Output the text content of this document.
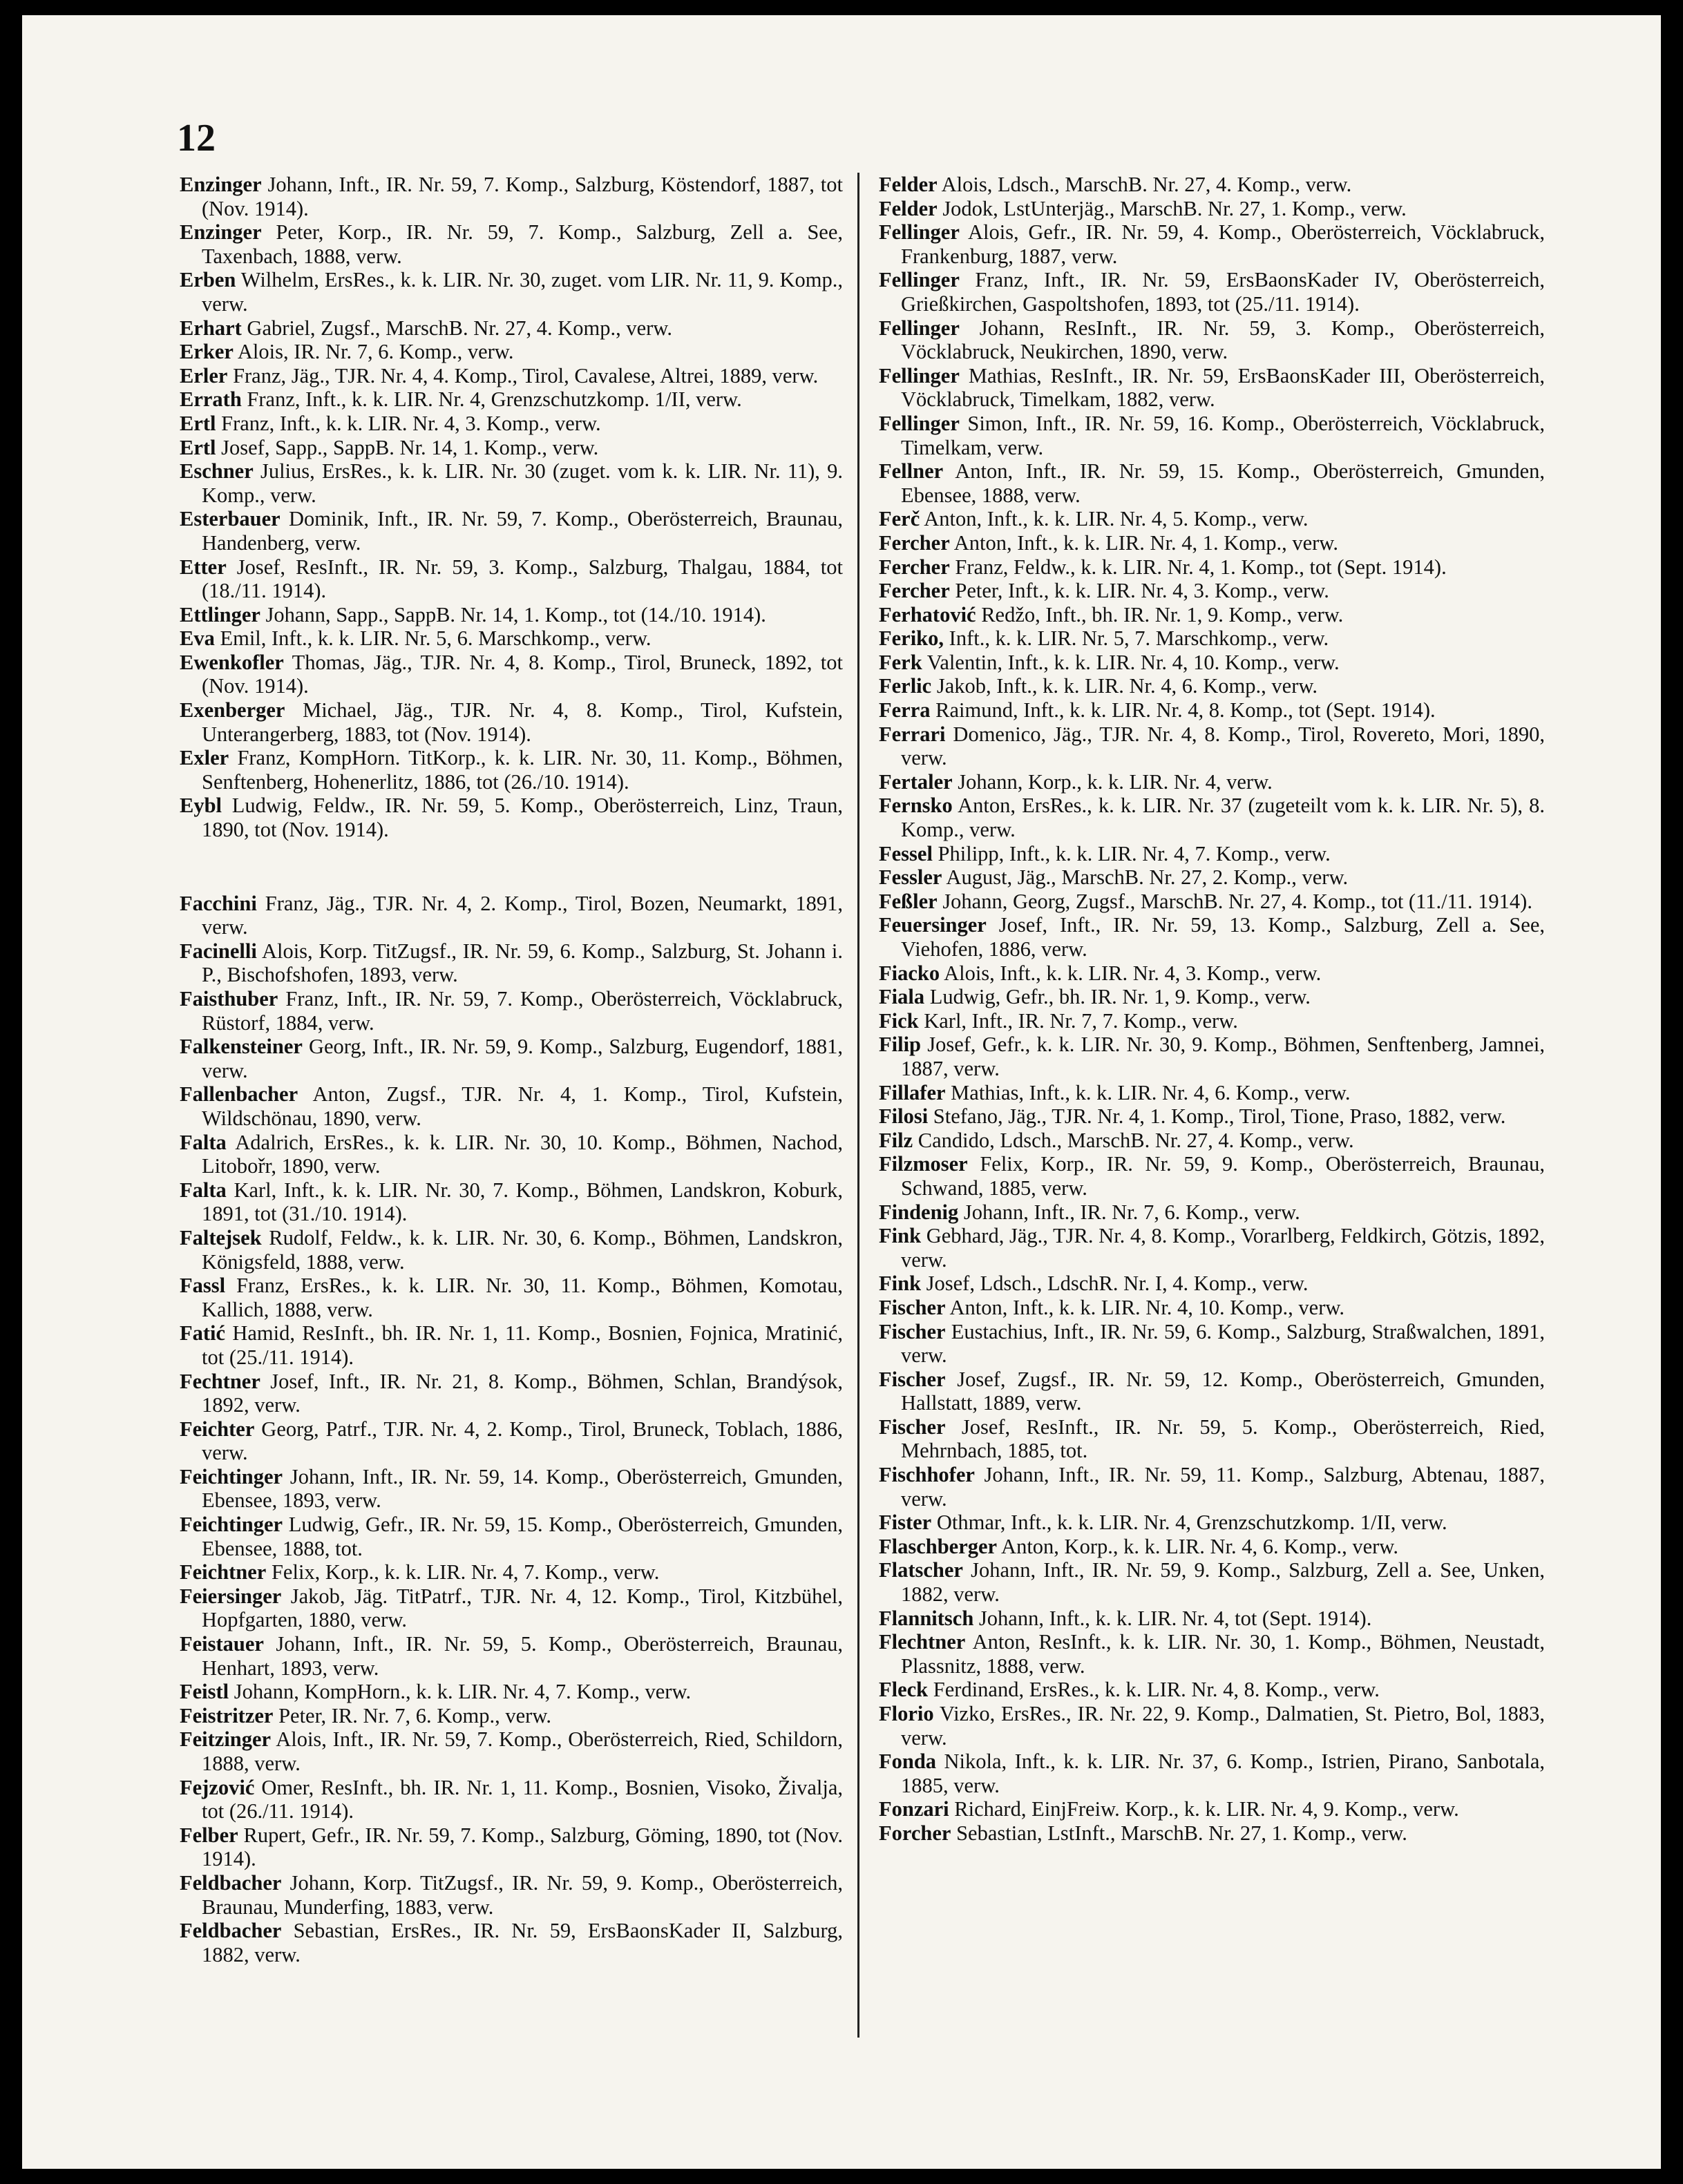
12
Enzinger Johann, Inft., IR. Nr. 59, 7. Komp., Salzburg, Köstendorf, 1887, tot (Nov. 1914).
Enzinger Peter, Korp., IR. Nr. 59, 7. Komp., Salzburg, Zell a. See, Taxenbach, 1888, verw.
Erben Wilhelm, ErsRes., k. k. LIR. Nr. 30, zuget. vom LIR. Nr. 11, 9. Komp., verw.
Erhart Gabriel, Zugsf., MarschB. Nr. 27, 4. Komp., verw.
Erker Alois, IR. Nr. 7, 6. Komp., verw.
Erler Franz, Jäg., TJR. Nr. 4, 4. Komp., Tirol, Cavalese, Altrei, 1889, verw.
Errath Franz, Inft., k. k. LIR. Nr. 4, Grenzschutzkomp. 1/II, verw.
Ertl Franz, Inft., k. k. LIR. Nr. 4, 3. Komp., verw.
Ertl Josef, Sapp., SappB. Nr. 14, 1. Komp., verw.
Eschner Julius, ErsRes., k. k. LIR. Nr. 30 (zuget. vom k. k. LIR. Nr. 11), 9. Komp., verw.
Esterbauer Dominik, Inft., IR. Nr. 59, 7. Komp., Oberösterreich, Braunau, Handenberg, verw.
Etter Josef, ResInft., IR. Nr. 59, 3. Komp., Salzburg, Thalgau, 1884, tot (18./11. 1914).
Ettlinger Johann, Sapp., SappB. Nr. 14, 1. Komp., tot (14./10. 1914).
Eva Emil, Inft., k. k. LIR. Nr. 5, 6. Marschkomp., verw.
Ewenkofler Thomas, Jäg., TJR. Nr. 4, 8. Komp., Tirol, Bruneck, 1892, tot (Nov. 1914).
Exenberger Michael, Jäg., TJR. Nr. 4, 8. Komp., Tirol, Kufstein, Unterangerberg, 1883, tot (Nov. 1914).
Exler Franz, KompHorn. TitKorp., k. k. LIR. Nr. 30, 11. Komp., Böhmen, Senftenberg, Hohenerlitz, 1886, tot (26./10. 1914).
Eybl Ludwig, Feldw., IR. Nr. 59, 5. Komp., Oberösterreich, Linz, Traun, 1890, tot (Nov. 1914).
Facchini Franz, Jäg., TJR. Nr. 4, 2. Komp., Tirol, Bozen, Neumarkt, 1891, verw.
Facinelli Alois, Korp. TitZugsf., IR. Nr. 59, 6. Komp., Salzburg, St. Johann i. P., Bischofshofen, 1893, verw.
Faisthuber Franz, Inft., IR. Nr. 59, 7. Komp., Oberösterreich, Vöcklabruck, Rüstorf, 1884, verw.
Falkensteiner Georg, Inft., IR. Nr. 59, 9. Komp., Salzburg, Eugendorf, 1881, verw.
Fallenbacher Anton, Zugsf., TJR. Nr. 4, 1. Komp., Tirol, Kufstein, Wildschönau, 1890, verw.
Falta Adalrich, ErsRes., k. k. LIR. Nr. 30, 10. Komp., Böhmen, Nachod, Litobořr, 1890, verw.
Falta Karl, Inft., k. k. LIR. Nr. 30, 7. Komp., Böhmen, Landskron, Koburk, 1891, tot (31./10. 1914).
Faltejsek Rudolf, Feldw., k. k. LIR. Nr. 30, 6. Komp., Böhmen, Landskron, Königsfeld, 1888, verw.
Fassl Franz, ErsRes., k. k. LIR. Nr. 30, 11. Komp., Böhmen, Komotau, Kallich, 1888, verw.
Fatić Hamid, ResInft., bh. IR. Nr. 1, 11. Komp., Bosnien, Fojnica, Mratinić, tot (25./11. 1914).
Fechtner Josef, Inft., IR. Nr. 21, 8. Komp., Böhmen, Schlan, Brandýsok, 1892, verw.
Feichter Georg, Patrf., TJR. Nr. 4, 2. Komp., Tirol, Bruneck, Toblach, 1886, verw.
Feichtinger Johann, Inft., IR. Nr. 59, 14. Komp., Oberösterreich, Gmunden, Ebensee, 1893, verw.
Feichtinger Ludwig, Gefr., IR. Nr. 59, 15. Komp., Oberösterreich, Gmunden, Ebensee, 1888, tot.
Feichtner Felix, Korp., k. k. LIR. Nr. 4, 7. Komp., verw.
Feiersinger Jakob, Jäg. TitPatrf., TJR. Nr. 4, 12. Komp., Tirol, Kitzbühel, Hopfgarten, 1880, verw.
Feistauer Johann, Inft., IR. Nr. 59, 5. Komp., Oberösterreich, Braunau, Henhart, 1893, verw.
Feistl Johann, KompHorn., k. k. LIR. Nr. 4, 7. Komp., verw.
Feistritzer Peter, IR. Nr. 7, 6. Komp., verw.
Feitzinger Alois, Inft., IR. Nr. 59, 7. Komp., Oberösterreich, Ried, Schildorn, 1888, verw.
Fejzović Omer, ResInft., bh. IR. Nr. 1, 11. Komp., Bosnien, Visoko, Živalja, tot (26./11. 1914).
Felber Rupert, Gefr., IR. Nr. 59, 7. Komp., Salzburg, Göming, 1890, tot (Nov. 1914).
Feldbacher Johann, Korp. TitZugsf., IR. Nr. 59, 9. Komp., Oberösterreich, Braunau, Munderfing, 1883, verw.
Feldbacher Sebastian, ErsRes., IR. Nr. 59, ErsBaonsKader II, Salzburg, 1882, verw.
Felder Alois, Ldsch., MarschB. Nr. 27, 4. Komp., verw.
Felder Jodok, LstUnterjäg., MarschB. Nr. 27, 1. Komp., verw.
Fellinger Alois, Gefr., IR. Nr. 59, 4. Komp., Oberösterreich, Vöcklabruck, Frankenburg, 1887, verw.
Fellinger Franz, Inft., IR. Nr. 59, ErsBaonsKader IV, Oberösterreich, Grießkirchen, Gaspoltshofen, 1893, tot (25./11. 1914).
Fellinger Johann, ResInft., IR. Nr. 59, 3. Komp., Oberösterreich, Vöcklabruck, Neukirchen, 1890, verw.
Fellinger Mathias, ResInft., IR. Nr. 59, ErsBaonsKader III, Oberösterreich, Vöcklabruck, Timelkam, 1882, verw.
Fellinger Simon, Inft., IR. Nr. 59, 16. Komp., Oberösterreich, Vöcklabruck, Timelkam, verw.
Fellner Anton, Inft., IR. Nr. 59, 15. Komp., Oberösterreich, Gmunden, Ebensee, 1888, verw.
Ferč Anton, Inft., k. k. LIR. Nr. 4, 5. Komp., verw.
Fercher Anton, Inft., k. k. LIR. Nr. 4, 1. Komp., verw.
Fercher Franz, Feldw., k. k. LIR. Nr. 4, 1. Komp., tot (Sept. 1914).
Fercher Peter, Inft., k. k. LIR. Nr. 4, 3. Komp., verw.
Ferhatović Redžo, Inft., bh. IR. Nr. 1, 9. Komp., verw.
Feriko, Inft., k. k. LIR. Nr. 5, 7. Marschkomp., verw.
Ferk Valentin, Inft., k. k. LIR. Nr. 4, 10. Komp., verw.
Ferlic Jakob, Inft., k. k. LIR. Nr. 4, 6. Komp., verw.
Ferra Raimund, Inft., k. k. LIR. Nr. 4, 8. Komp., tot (Sept. 1914).
Ferrari Domenico, Jäg., TJR. Nr. 4, 8. Komp., Tirol, Rovereto, Mori, 1890, verw.
Fertaler Johann, Korp., k. k. LIR. Nr. 4, verw.
Fernsko Anton, ErsRes., k. k. LIR. Nr. 37 (zugeteilt vom k. k. LIR. Nr. 5), 8. Komp., verw.
Fessel Philipp, Inft., k. k. LIR. Nr. 4, 7. Komp., verw.
Fessler August, Jäg., MarschB. Nr. 27, 2. Komp., verw.
Feßler Johann, Georg, Zugsf., MarschB. Nr. 27, 4. Komp., tot (11./11. 1914).
Feuersinger Josef, Inft., IR. Nr. 59, 13. Komp., Salzburg, Zell a. See, Viehofen, 1886, verw.
Fiacko Alois, Inft., k. k. LIR. Nr. 4, 3. Komp., verw.
Fiala Ludwig, Gefr., bh. IR. Nr. 1, 9. Komp., verw.
Fick Karl, Inft., IR. Nr. 7, 7. Komp., verw.
Filip Josef, Gefr., k. k. LIR. Nr. 30, 9. Komp., Böhmen, Senftenberg, Jamnei, 1887, verw.
Fillafer Mathias, Inft., k. k. LIR. Nr. 4, 6. Komp., verw.
Filosi Stefano, Jäg., TJR. Nr. 4, 1. Komp., Tirol, Tione, Praso, 1882, verw.
Filz Candido, Ldsch., MarschB. Nr. 27, 4. Komp., verw.
Filzmoser Felix, Korp., IR. Nr. 59, 9. Komp., Oberösterreich, Braunau, Schwand, 1885, verw.
Findenig Johann, Inft., IR. Nr. 7, 6. Komp., verw.
Fink Gebhard, Jäg., TJR. Nr. 4, 8. Komp., Vorarlberg, Feldkirch, Götzis, 1892, verw.
Fink Josef, Ldsch., LdschR. Nr. I, 4. Komp., verw.
Fischer Anton, Inft., k. k. LIR. Nr. 4, 10. Komp., verw.
Fischer Eustachius, Inft., IR. Nr. 59, 6. Komp., Salzburg, Straßwalchen, 1891, verw.
Fischer Josef, Zugsf., IR. Nr. 59, 12. Komp., Oberösterreich, Gmunden, Hallstatt, 1889, verw.
Fischer Josef, ResInft., IR. Nr. 59, 5. Komp., Oberösterreich, Ried, Mehrnbach, 1885, tot.
Fischhofer Johann, Inft., IR. Nr. 59, 11. Komp., Salzburg, Abtenau, 1887, verw.
Fister Othmar, Inft., k. k. LIR. Nr. 4, Grenzschutzkomp. 1/II, verw.
Flaschberger Anton, Korp., k. k. LIR. Nr. 4, 6. Komp., verw.
Flatscher Johann, Inft., IR. Nr. 59, 9. Komp., Salzburg, Zell a. See, Unken, 1882, verw.
Flannitsch Johann, Inft., k. k. LIR. Nr. 4, tot (Sept. 1914).
Flechtner Anton, ResInft., k. k. LIR. Nr. 30, 1. Komp., Böhmen, Neustadt, Plassnitz, 1888, verw.
Fleck Ferdinand, ErsRes., k. k. LIR. Nr. 4, 8. Komp., verw.
Florio Vizko, ErsRes., IR. Nr. 22, 9. Komp., Dalmatien, St. Pietro, Bol, 1883, verw.
Fonda Nikola, Inft., k. k. LIR. Nr. 37, 6. Komp., Istrien, Pirano, Sanbotala, 1885, verw.
Fonzari Richard, EinjFreiw. Korp., k. k. LIR. Nr. 4, 9. Komp., verw.
Forcher Sebastian, LstInft., MarschB. Nr. 27, 1. Komp., verw.
